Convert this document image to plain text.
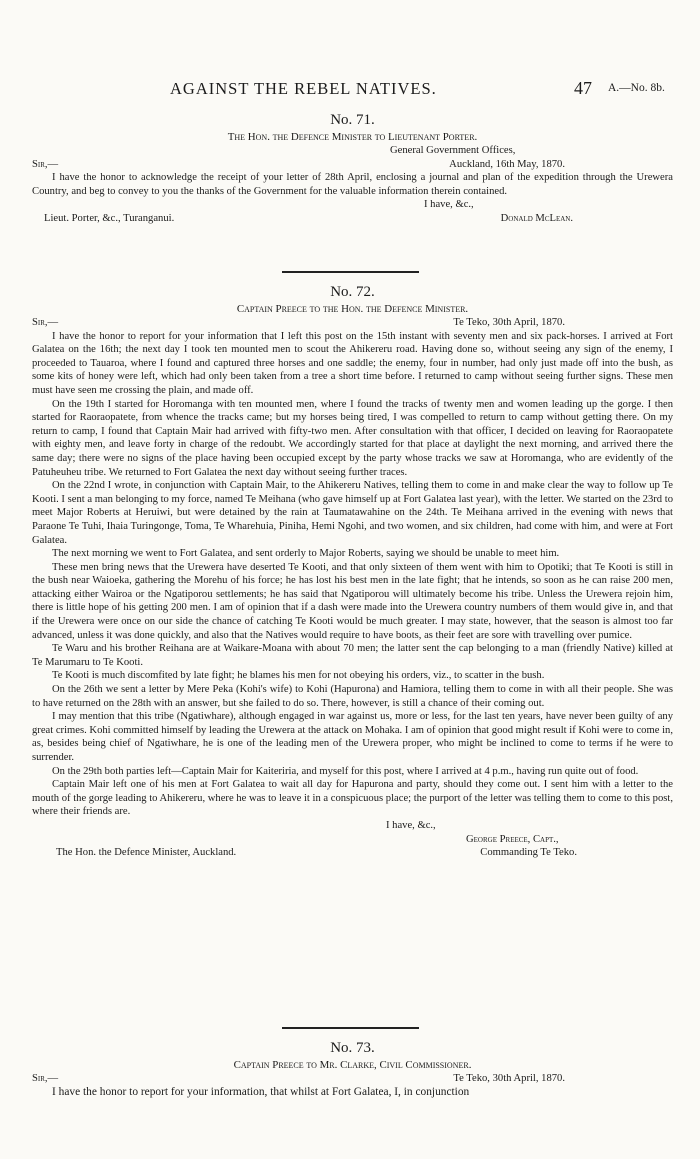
AGAINST THE REBEL NATIVES.	47 A.—No. 8b.
No. 71.
The Hon. the Defence Minister to Lieutenant Porter.
General Government Offices,
Sir,—	Auckland, 16th May, 1870.

I have the honor to acknowledge the receipt of your letter of 28th April, enclosing a journal and plan of the expedition through the Urewera Country, and beg to convey to you the thanks of the Government for the valuable information therein contained.

I have, &c.,
Lieut. Porter, &c., Turanganui.	Donald McLean.
No. 72.
Captain Preece to the Hon. the Defence Minister.
Sir,—	Te Teko, 30th April, 1870.

I have the honor to report for your information that I left this post on the 15th instant with seventy men and six pack-horses. I arrived at Fort Galatea on the 16th; the next day I took ten mounted men to scout the Ahikereru road. Having done so, without seeing any sign of the enemy, I proceeded to Tauaroa, where I found and captured three horses and one saddle; the enemy, four in number, had only just made off into the bush, as some kits of honey were left, which had only been taken from a tree a short time before. I returned to camp without seeing further signs. These men must have seen me crossing the plain, and made off.

On the 19th I started for Horomanga with ten mounted men, where I found the tracks of twenty men and women leading up the gorge. I then started for Raoraopatete, from whence the tracks came; but my horses being tired, I was compelled to return to camp without getting there. On my return to camp, I found that Captain Mair had arrived with fifty-two men. After consultation with that officer, I decided on leaving for Raoraopatete with eighty men, and leave forty in charge of the redoubt. We accordingly started for that place at daylight the next morning, and arrived there the same day; there were no signs of the place having been occupied except by the party whose tracks we saw at Horomanga, who are evidently of the Patuheuheu tribe. We returned to Fort Galatea the next day without seeing further traces.

On the 22nd I wrote, in conjunction with Captain Mair, to the Ahikereru Natives, telling them to come in and make clear the way to follow up Te Kooti. I sent a man belonging to my force, named Te Meihana (who gave himself up at Fort Galatea last year), with the letter. We started on the 23rd to meet Major Roberts at Heruiwi, but were detained by the rain at Taumatawahine on the 24th. Te Meihana arrived in the evening with news that Paraone Te Tuhi, Ihaia Turingonge, Toma, Te Wharehuia, Piniha, Hemi Ngohi, and two women, and six children, had come with him, and were at Fort Galatea.

The next morning we went to Fort Galatea, and sent orderly to Major Roberts, saying we should be unable to meet him.

These men bring news that the Urewera have deserted Te Kooti, and that only sixteen of them went with him to Opotiki; that Te Kooti is still in the bush near Waioeka, gathering the Morehu of his force; he has lost his best men in the late fight; that he intends, so soon as he can raise 200 men, attacking either Wairoa or the Ngatiporou settlements; he has said that Ngatiporou will ultimately become his tribe. Unless the Urewera rejoin him, there is little hope of his getting 200 men. I am of opinion that if a dash were made into the Urewera country numbers of them would give in, and that if the Urewera were once on our side the chance of catching Te Kooti would be much greater. I may state, however, that the season is almost too far advanced, unless it was done quickly, and also that the Natives would require to have boots, as their feet are sore with travelling over pumice.

Te Waru and his brother Reihana are at Waikare-Moana with about 70 men; the latter sent the cap belonging to a man (friendly Native) killed at Te Marumaru to Te Kooti.

Te Kooti is much discomfited by late fight; he blames his men for not obeying his orders, viz., to scatter in the bush.

On the 26th we sent a letter by Mere Peka (Kohi's wife) to Kohi (Hapurona) and Hamiora, telling them to come in with all their people. She was to have returned on the 28th with an answer, but she failed to do so. There, however, is still a chance of their coming out.

I may mention that this tribe (Ngatiwhare), although engaged in war against us, more or less, for the last ten years, have never been guilty of any great crimes. Kohi committed himself by leading the Urewera at the attack on Mohaka. I am of opinion that good might result if Kohi were to come in, as, besides being chief of Ngatiwhare, he is one of the leading men of the Urewera proper, who might be inclined to come to terms if he were to surrender.

On the 29th both parties left—Captain Mair for Kaiteriria, and myself for this post, where I arrived at 4 p.m., having run quite out of food.

Captain Mair left one of his men at Fort Galatea to wait all day for Hapurona and party, should they come out. I sent him with a letter to the mouth of the gorge leading to Ahikereru, where he was to leave it in a conspicuous place; the purport of the letter was telling them to come to this post, where their friends are.

I have, &c.,
George Preece, Capt.,
The Hon. the Defence Minister, Auckland.	Commanding Te Teko.
No. 73.
Captain Preece to Mr. Clarke, Civil Commissioner.
Sir,—	Te Teko, 30th April, 1870.

I have the honor to report for your information, that whilst at Fort Galatea, I, in conjunction
